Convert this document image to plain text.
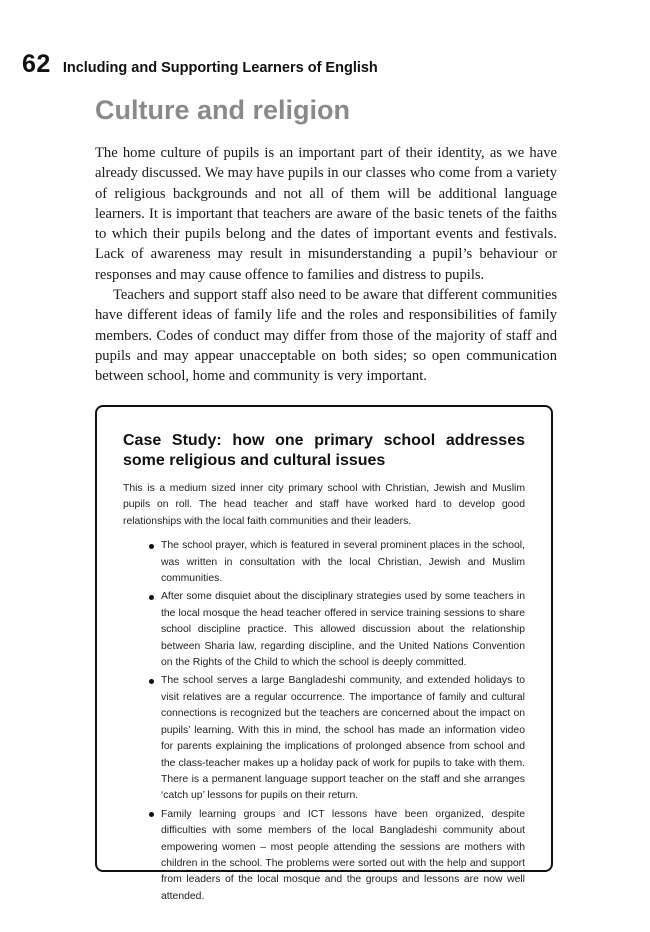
62 Including and Supporting Learners of English
Culture and religion

The home culture of pupils is an important part of their identity, as we have already discussed. We may have pupils in our classes who come from a variety of religious backgrounds and not all of them will be additional language learners. It is important that teachers are aware of the basic tenets of the faiths to which their pupils belong and the dates of important events and festivals. Lack of awareness may result in misunderstanding a pupil’s behaviour or responses and may cause offence to families and distress to pupils.

Teachers and support staff also need to be aware that different communities have different ideas of family life and the roles and responsibilities of family members. Codes of conduct may differ from those of the majority of staff and pupils and may appear unacceptable on both sides; so open communication between school, home and community is very important.

Case Study: how one primary school addresses some religious and cultural issues

This is a medium sized inner city primary school with Christian, Jewish and Muslim pupils on roll. The head teacher and staff have worked hard to develop good relationships with the local faith communities and their leaders.

The school prayer, which is featured in several prominent places in the school, was written in consultation with the local Christian, Jewish and Muslim communities.
After some disquiet about the disciplinary strategies used by some teachers in the local mosque the head teacher offered in service training sessions to share school discipline practice. This allowed discussion about the relationship between Sharia law, regarding discipline, and the United Nations Convention on the Rights of the Child to which the school is deeply committed.
The school serves a large Bangladeshi community, and extended holidays to visit relatives are a regular occurrence. The importance of family and cultural connections is recognized but the teachers are concerned about the impact on pupils’ learning. With this in mind, the school has made an information video for parents explaining the implications of prolonged absence from school and the class-teacher makes up a holiday pack of work for pupils to take with them. There is a permanent language support teacher on the staff and she arranges ‘catch up’ lessons for pupils on their return.
Family learning groups and ICT lessons have been organized, despite difficulties with some members of the local Bangladeshi community about empowering women – most people attending the sessions are mothers with children in the school. The problems were sorted out with the help and support from leaders of the local mosque and the groups and lessons are now well attended.
